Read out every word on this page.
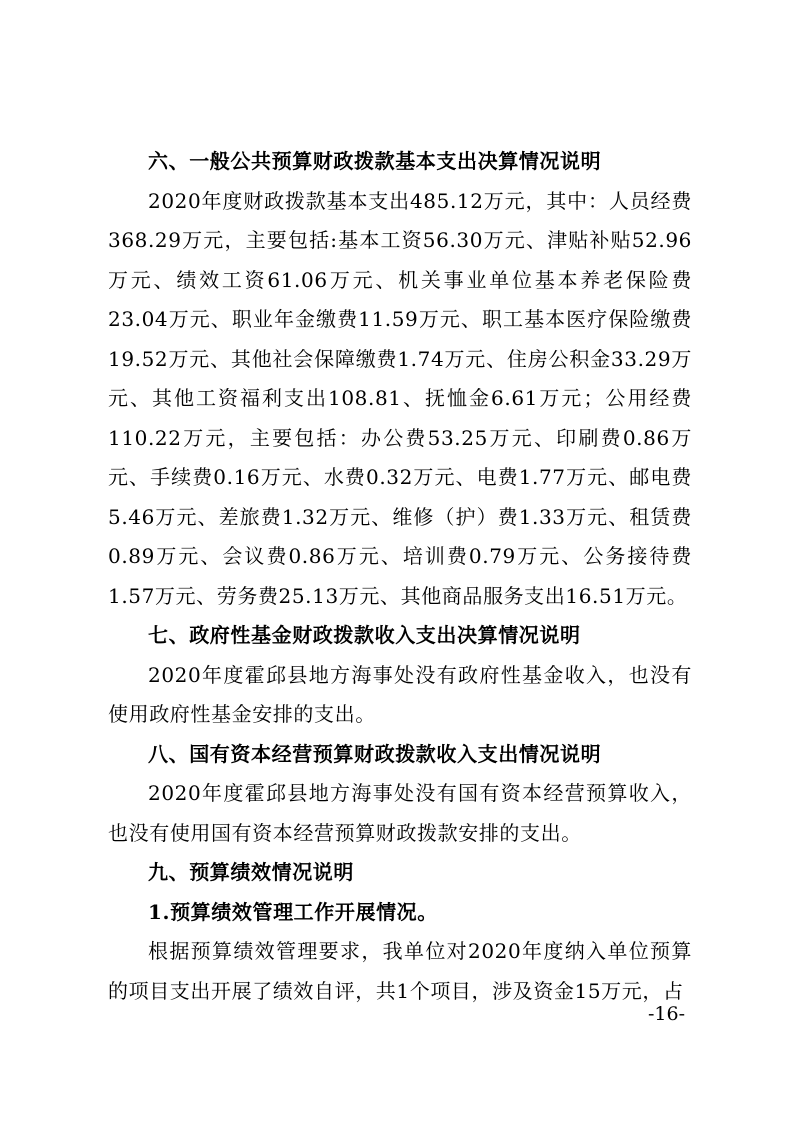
六、一般公共预算财政拨款基本支出决算情况说明

2020年度财政拨款基本支出485.12万元，其中：人员经费368.29万元，主要包括:基本工资56.30万元、津贴补贴52.96万元、绩效工资61.06万元、机关事业单位基本养老保险费23.04万元、职业年金缴费11.59万元、职工基本医疗保险缴费19.52万元、其他社会保障缴费1.74万元、住房公积金33.29万元、其他工资福利支出108.81、抚恤金6.61万元；公用经费110.22万元，主要包括：办公费53.25万元、印刷费0.86万元、手续费0.16万元、水费0.32万元、电费1.77万元、邮电费5.46万元、差旅费1.32万元、维修（护）费1.33万元、租赁费0.89万元、会议费0.86万元、培训费0.79万元、公务接待费1.57万元、劳务费25.13万元、其他商品服务支出16.51万元。

七、政府性基金财政拨款收入支出决算情况说明

2020年度霍邱县地方海事处没有政府性基金收入，也没有使用政府性基金安排的支出。

八、国有资本经营预算财政拨款收入支出情况说明

2020年度霍邱县地方海事处没有国有资本经营预算收入，也没有使用国有资本经营预算财政拨款安排的支出。

九、预算绩效情况说明

1.预算绩效管理工作开展情况。

根据预算绩效管理要求，我单位对2020年度纳入单位预算的项目支出开展了绩效自评，共1个项目，涉及资金15万元，占

-16-
